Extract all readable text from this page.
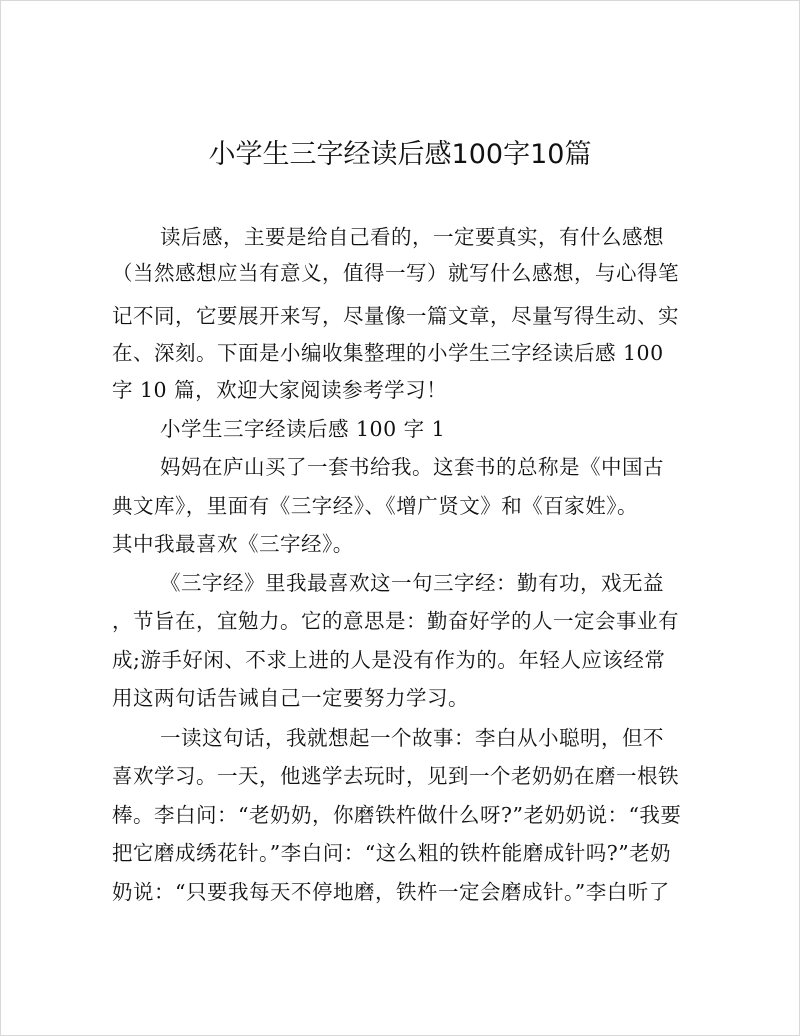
小学生三字经读后感100字10篇
读后感，主要是给自己看的，一定要真实，有什么感想
（当然感想应当有意义，值得一写）就写什么感想，与心得笔
记不同，它要展开来写，尽量像一篇文章，尽量写得生动、实
在、深刻。下面是小编收集整理的小学生三字经读后感 100
字 10 篇，欢迎大家阅读参考学习！
小学生三字经读后感 100 字 1
妈妈在庐山买了一套书给我。这套书的总称是《中国古
典文库》，里面有《三字经》、《增广贤文》和《百家姓》。
其中我最喜欢《三字经》。
《三字经》里我最喜欢这一句三字经：勤有功，戏无益
，节旨在，宜勉力。它的意思是：勤奋好学的人一定会事业有
成;游手好闲、不求上进的人是没有作为的。年轻人应该经常
用这两句话告诫自己一定要努力学习。
一读这句话，我就想起一个故事：李白从小聪明，但不
喜欢学习。一天，他逃学去玩时，见到一个老奶奶在磨一根铁
棒。李白问：“老奶奶，你磨铁杵做什么呀?”老奶奶说：“我要
把它磨成绣花针。”李白问：“这么粗的铁杵能磨成针吗?”老奶
奶说：“只要我每天不停地磨，铁杵一定会磨成针。”李白听了
